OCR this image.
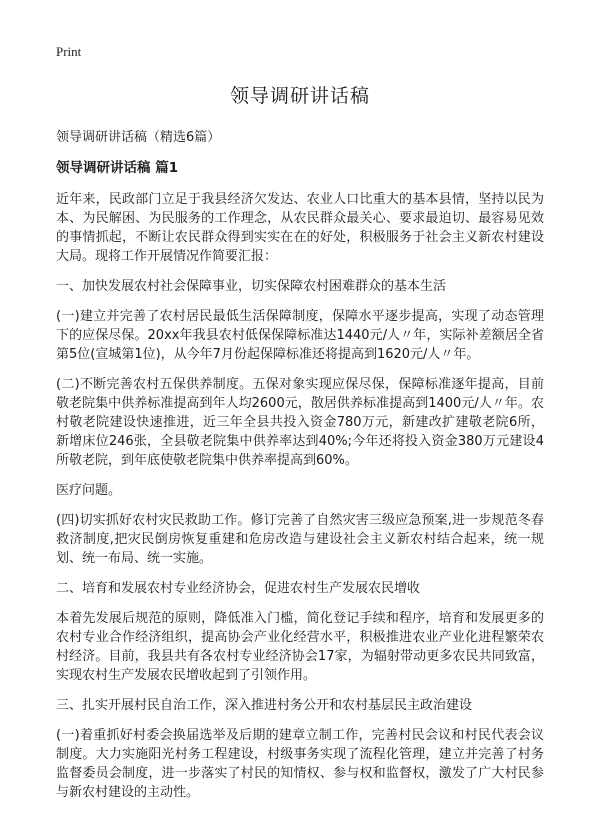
Print
领导调研讲话稿
领导调研讲话稿（精选6篇）
领导调研讲话稿 篇1

近年来，民政部门立足于我县经济欠发达、农业人口比重大的基本县情，坚持以民为本、为民解困、为民服务的工作理念，从农民群众最关心、要求最迫切、最容易见效的事情抓起，不断让农民群众得到实实在在的好处，积极服务于社会主义新农村建设大局。现将工作开展情况作简要汇报：

一、加快发展农村社会保障事业，切实保障农村困难群众的基本生活

(一)建立并完善了农村居民最低生活保障制度，保障水平逐步提高，实现了动态管理下的应保尽保。20xx年我县农村低保保障标准达1440元/人〃年，实际补差额居全省第5位(宣城第1位)，从今年7月份起保障标准还将提高到1620元/人〃年。

(二)不断完善农村五保供养制度。五保对象实现应保尽保，保障标准逐年提高，目前敬老院集中供养标准提高到年人均2600元，散居供养标准提高到1400元/人〃年。农村敬老院建设快速推进，近三年全县共投入资金780万元，新建改扩建敬老院6所，新增床位246张，全县敬老院集中供养率达到40%;今年还将投入资金380万元建设4所敬老院，到年底使敬老院集中供养率提高到60%。

医疗问题。

(四)切实抓好农村灾民救助工作。修订完善了自然灾害三级应急预案,进一步规范冬春救济制度,把灾民倒房恢复重建和危房改造与建设社会主义新农村结合起来，统一规划、统一布局、统一实施。

二、培育和发展农村专业经济协会，促进农村生产发展农民增收

本着先发展后规范的原则，降低准入门槛，简化登记手续和程序，培育和发展更多的农村专业合作经济组织，提高协会产业化经营水平，积极推进农业产业化进程繁荣农村经济。目前，我县共有各农村专业经济协会17家，为辐射带动更多农民共同致富，实现农村生产发展农民增收起到了引领作用。

三、扎实开展村民自治工作，深入推进村务公开和农村基层民主政治建设

(一)着重抓好村委会换届选举及后期的建章立制工作，完善村民会议和村民代表会议制度。大力实施阳光村务工程建设，村级事务实现了流程化管理，建立并完善了村务监督委员会制度，进一步落实了村民的知情权、参与权和监督权，激发了广大村民参与新农村建设的主动性。
